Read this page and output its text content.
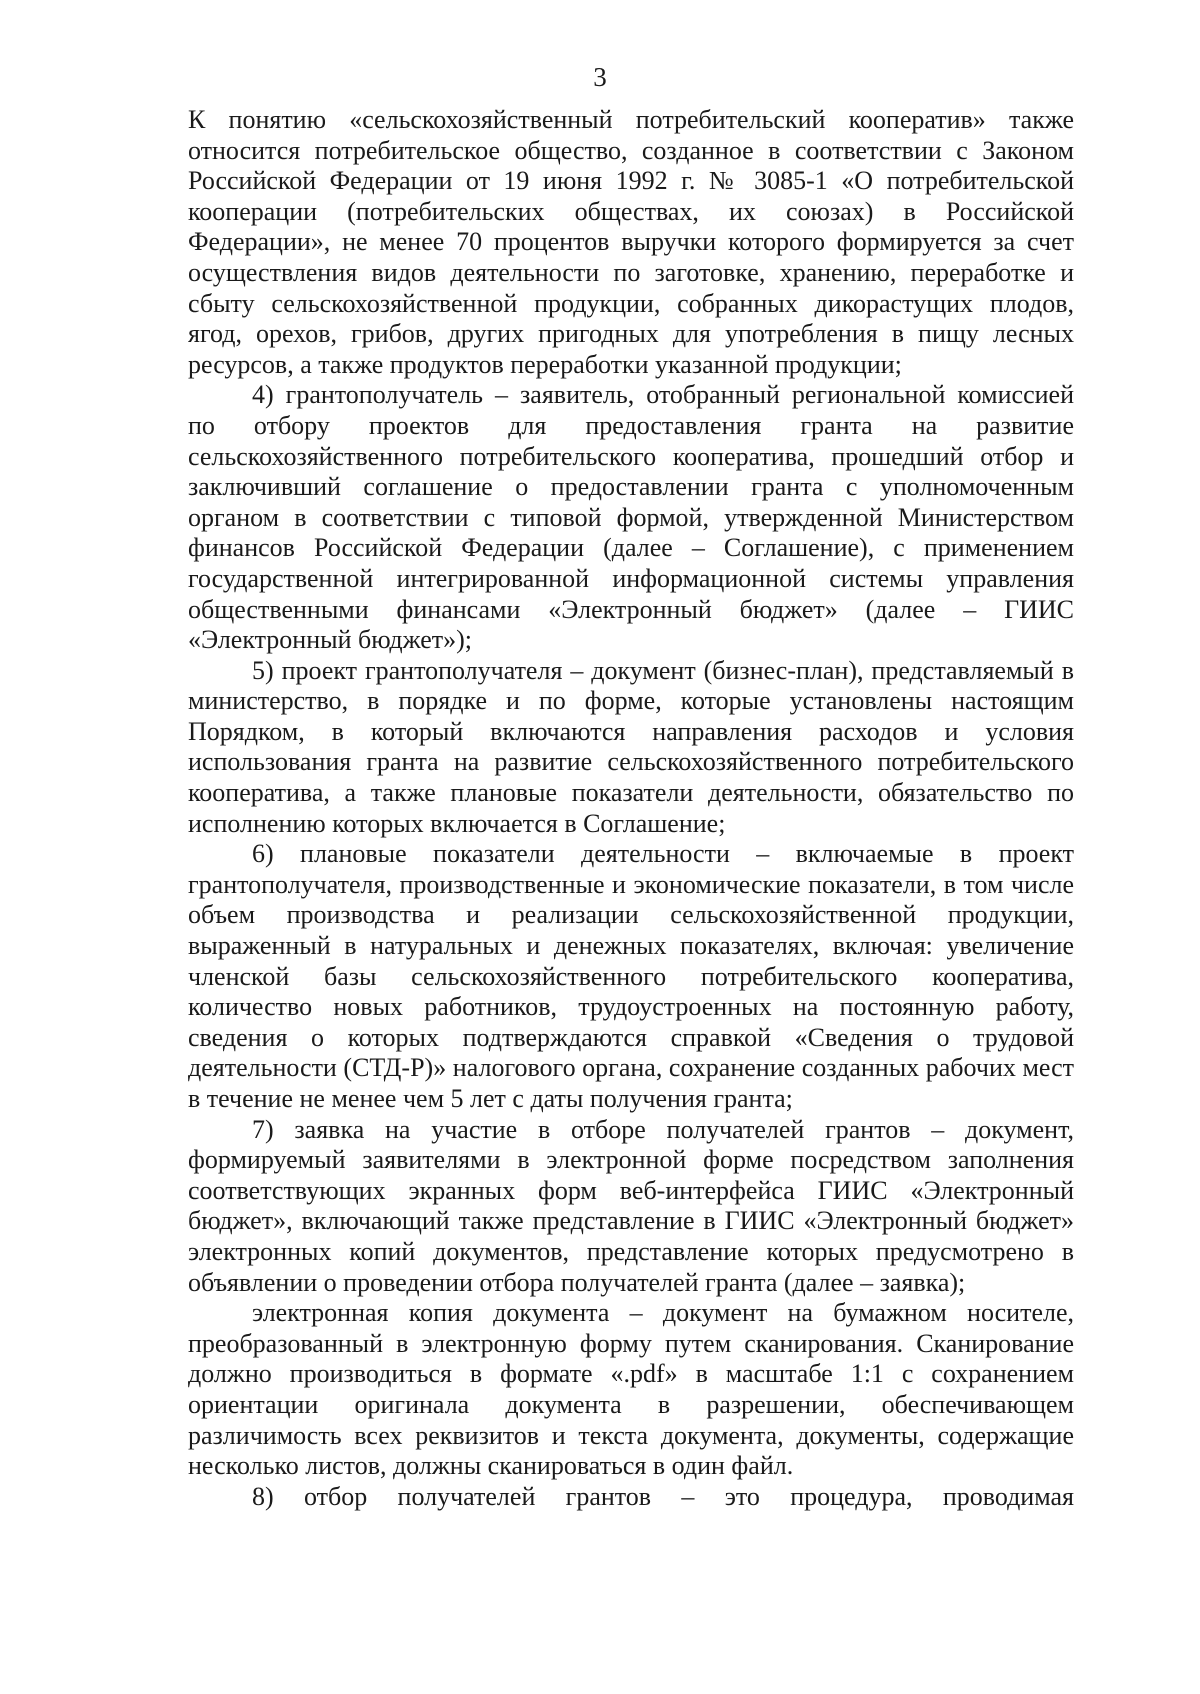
3

К понятию «сельскохозяйственный потребительский кооператив» также относится потребительское общество, созданное в соответствии с Законом Российской Федерации от 19 июня 1992 г. № 3085-1 «О потребительской кооперации (потребительских обществах, их союзах) в Российской Федерации», не менее 70 процентов выручки которого формируется за счет осуществления видов деятельности по заготовке, хранению, переработке и сбыту сельскохозяйственной продукции, собранных дикорастущих плодов, ягод, орехов, грибов, других пригодных для употребления в пищу лесных ресурсов, а также продуктов переработки указанной продукции;

4) грантополучатель – заявитель, отобранный региональной комиссией по отбору проектов для предоставления гранта на развитие сельскохозяйственного потребительского кооператива, прошедший отбор и заключивший соглашение о предоставлении гранта с уполномоченным органом в соответствии с типовой формой, утвержденной Министерством финансов Российской Федерации (далее – Соглашение), с применением государственной интегрированной информационной системы управления общественными финансами «Электронный бюджет» (далее – ГИИС «Электронный бюджет»);

5) проект грантополучателя – документ (бизнес-план), представляемый в министерство, в порядке и по форме, которые установлены настоящим Порядком, в который включаются направления расходов и условия использования гранта на развитие сельскохозяйственного потребительского кооператива, а также плановые показатели деятельности, обязательство по исполнению которых включается в Соглашение;

6) плановые показатели деятельности – включаемые в проект грантополучателя, производственные и экономические показатели, в том числе объем производства и реализации сельскохозяйственной продукции, выраженный в натуральных и денежных показателях, включая: увеличение членской базы сельскохозяйственного потребительского кооператива, количество новых работников, трудоустроенных на постоянную работу, сведения о которых подтверждаются справкой «Сведения о трудовой деятельности (СТД-Р)» налогового органа, сохранение созданных рабочих мест в течение не менее чем 5 лет с даты получения гранта;

7) заявка на участие в отборе получателей грантов – документ, формируемый заявителями в электронной форме посредством заполнения соответствующих экранных форм веб-интерфейса ГИИС «Электронный бюджет», включающий также представление в ГИИС «Электронный бюджет» электронных копий документов, представление которых предусмотрено в объявлении о проведении отбора получателей гранта (далее – заявка);

электронная копия документа – документ на бумажном носителе, преобразованный в электронную форму путем сканирования. Сканирование должно производиться в формате «.pdf» в масштабе 1:1 с сохранением ориентации оригинала документа в разрешении, обеспечивающем различимость всех реквизитов и текста документа, документы, содержащие несколько листов, должны сканироваться в один файл.

8) отбор получателей грантов – это процедура, проводимая
